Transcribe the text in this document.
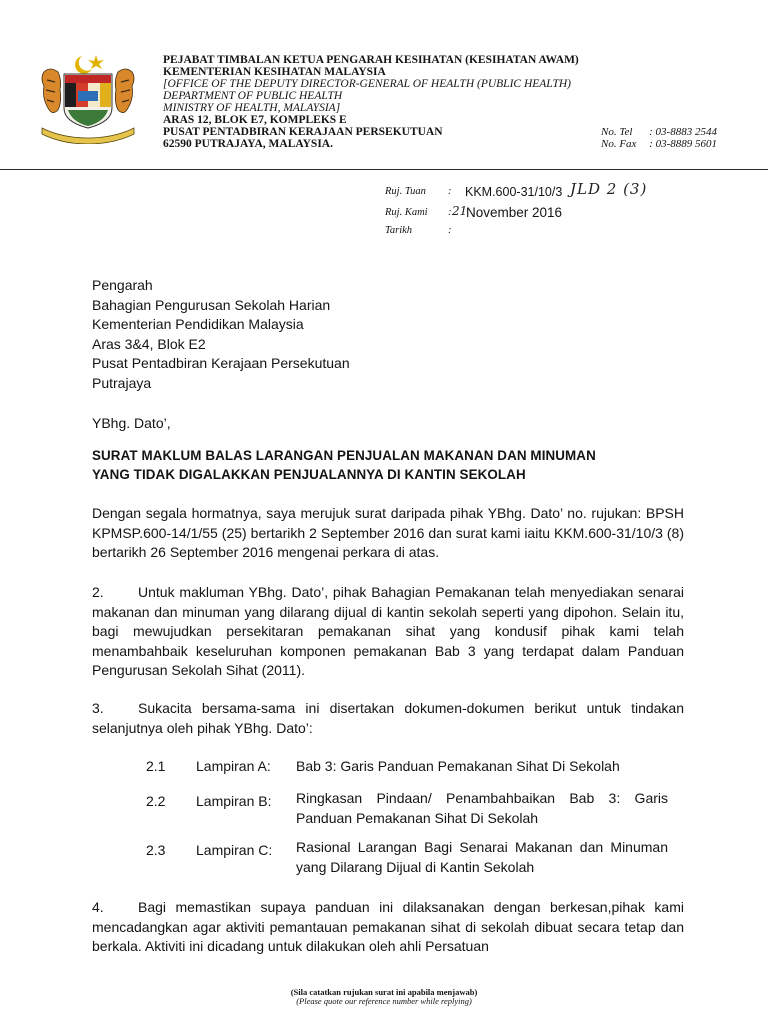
PEJABAT TIMBALAN KETUA PENGARAH KESIHATAN (KESIHATAN AWAM)
KEMENTERIAN KESIHATAN MALAYSIA
[OFFICE OF THE DEPUTY DIRECTOR-GENERAL OF HEALTH (PUBLIC HEALTH)
DEPARTMENT OF PUBLIC HEALTH
MINISTRY OF HEALTH, MALAYSIA]
ARAS 12, BLOK E7, KOMPLEKS E
PUSAT PENTADBIRAN KERAJAAN PERSEKUTUAN
62590 PUTRAJAYA, MALAYSIA.
No. Tel : 03-8883 2544
No. Fax : 03-8889 5601
Ruj. Tuan : KKM.600-31/10/3 JLD 2 (3)
Ruj. Kami : 21
November 2016
Tarikh	:
Pengarah
Bahagian Pengurusan Sekolah Harian
Kementerian Pendidikan Malaysia
Aras 3&4, Blok E2
Pusat Pentadbiran Kerajaan Persekutuan
Putrajaya
YBhg. Dato’,
SURAT MAKLUM BALAS LARANGAN PENJUALAN MAKANAN DAN MINUMAN
YANG TIDAK DIGALAKKAN PENJUALANNYA DI KANTIN SEKOLAH
Dengan segala hormatnya, saya merujuk surat daripada pihak YBhg. Dato’ no. rujukan: BPSH KPMSP.600-14/1/55 (25) bertarikh 2 September 2016 dan surat kami iaitu KKM.600-31/10/3 (8) bertarikh 26 September 2016 mengenai perkara di atas.
2. Untuk makluman YBhg. Dato’, pihak Bahagian Pemakanan telah menyediakan senarai makanan dan minuman yang dilarang dijual di kantin sekolah seperti yang dipohon. Selain itu, bagi mewujudkan persekitaran pemakanan sihat yang kondusif pihak kami telah menambahbaik keseluruhan komponen pemakanan Bab 3 yang terdapat dalam Panduan Pengurusan Sekolah Sihat (2011).
3. Sukacita bersama-sama ini disertakan dokumen-dokumen berikut untuk tindakan selanjutnya oleh pihak YBhg. Dato’:
2.1 Lampiran A: Bab 3: Garis Panduan Pemakanan Sihat Di Sekolah
2.2 Lampiran B: Ringkasan Pindaan/ Penambahbaikan Bab 3: Garis Panduan Pemakanan Sihat Di Sekolah
2.3 Lampiran C: Rasional Larangan Bagi Senarai Makanan dan Minuman yang Dilarang Dijual di Kantin Sekolah
4. Bagi memastikan supaya panduan ini dilaksanakan dengan berkesan,pihak kami mencadangkan agar aktiviti pemantauan pemakanan sihat di sekolah dibuat secara tetap dan berkala. Aktiviti ini dicadang untuk dilakukan oleh ahli Persatuan
(Sila catatkan rujukan surat ini apabila menjawab)
(Please quote our reference number while replying)
